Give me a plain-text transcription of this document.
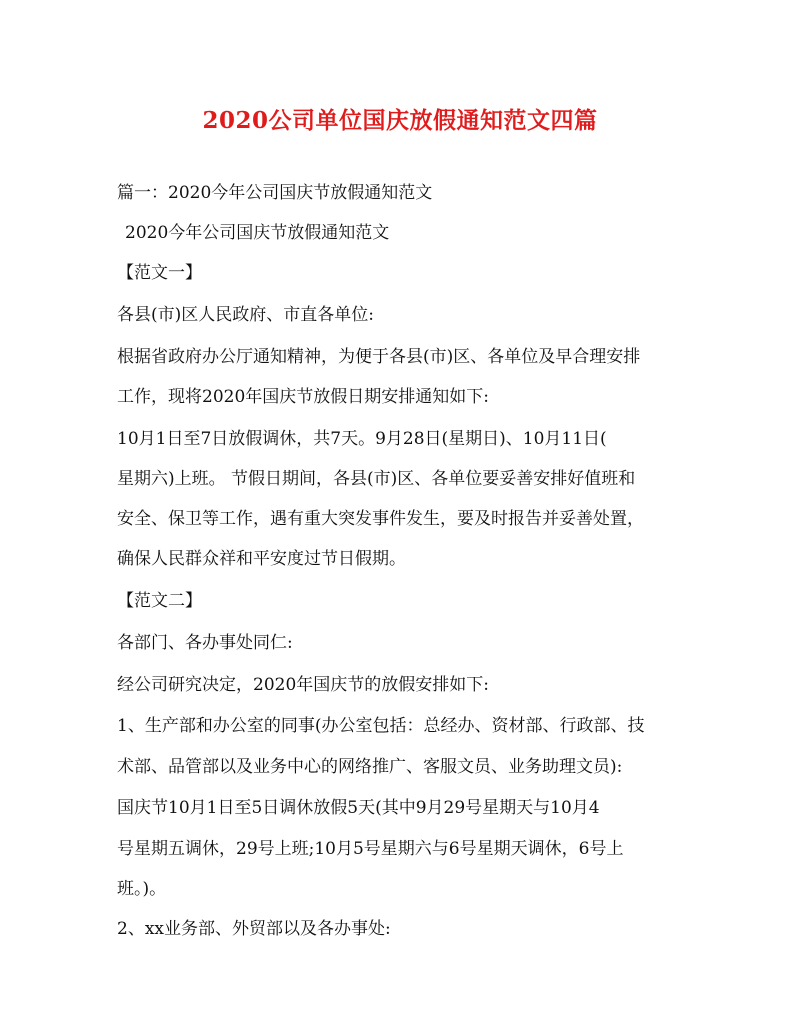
2020公司单位国庆放假通知范文四篇
篇一：2020今年公司国庆节放假通知范文
2020今年公司国庆节放假通知范文
【范文一】
各县(市)区人民政府、市直各单位:
根据省政府办公厅通知精神，为便于各县(市)区、各单位及早合理安排
工作，现将2020年国庆节放假日期安排通知如下:
10月1日至7日放假调休，共7天。9月28日(星期日)、10月11日(
星期六)上班。 节假日期间，各县(市)区、各单位要妥善安排好值班和
安全、保卫等工作，遇有重大突发事件发生，要及时报告并妥善处置，
确保人民群众祥和平安度过节日假期。
【范文二】
各部门、各办事处同仁:
经公司研究决定，2020年国庆节的放假安排如下:
1、生产部和办公室的同事(办公室包括：总经办、资材部、行政部、技
术部、品管部以及业务中心的网络推广、客服文员、业务助理文员):
国庆节10月1日至5日调休放假5天(其中9月29号星期天与10月4
号星期五调休，29号上班;10月5号星期六与6号星期天调休，6号上
班。)。
2、xx业务部、外贸部以及各办事处:
